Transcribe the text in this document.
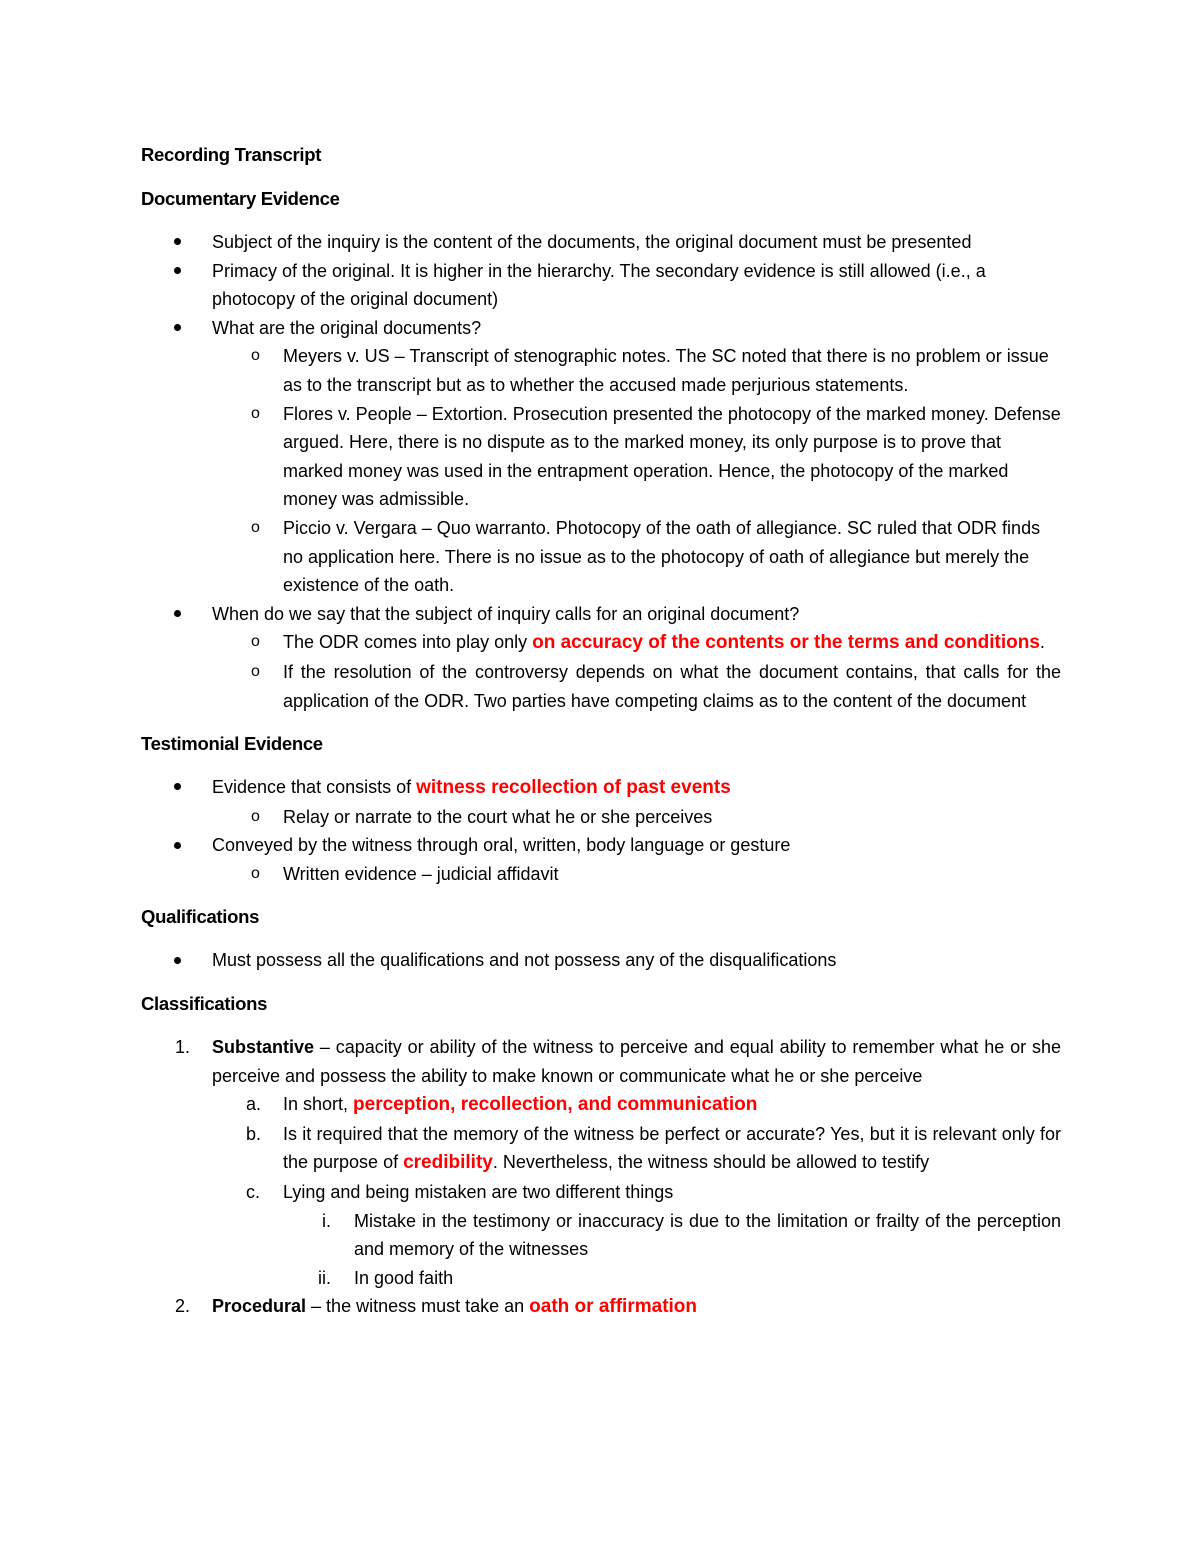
Recording Transcript
Documentary Evidence
Subject of the inquiry is the content of the documents, the original document must be presented
Primacy of the original. It is higher in the hierarchy. The secondary evidence is still allowed (i.e., a photocopy of the original document)
What are the original documents?
o Meyers v. US – Transcript of stenographic notes. The SC noted that there is no problem or issue as to the transcript but as to whether the accused made perjurious statements.
o Flores v. People – Extortion. Prosecution presented the photocopy of the marked money. Defense argued. Here, there is no dispute as to the marked money, its only purpose is to prove that marked money was used in the entrapment operation. Hence, the photocopy of the marked money was admissible.
o Piccio v. Vergara – Quo warranto. Photocopy of the oath of allegiance. SC ruled that ODR finds no application here. There is no issue as to the photocopy of oath of allegiance but merely the existence of the oath.
When do we say that the subject of inquiry calls for an original document?
o The ODR comes into play only on accuracy of the contents or the terms and conditions.
o If the resolution of the controversy depends on what the document contains, that calls for the application of the ODR. Two parties have competing claims as to the content of the document
Testimonial Evidence
Evidence that consists of witness recollection of past events
o Relay or narrate to the court what he or she perceives
Conveyed by the witness through oral, written, body language or gesture
o Written evidence – judicial affidavit
Qualifications
Must possess all the qualifications and not possess any of the disqualifications
Classifications
1. Substantive – capacity or ability of the witness to perceive and equal ability to remember what he or she perceive and possess the ability to make known or communicate what he or she perceive
a. In short, perception, recollection, and communication
b. Is it required that the memory of the witness be perfect or accurate? Yes, but it is relevant only for the purpose of credibility. Nevertheless, the witness should be allowed to testify
c. Lying and being mistaken are two different things
i. Mistake in the testimony or inaccuracy is due to the limitation or frailty of the perception and memory of the witnesses
ii. In good faith
2. Procedural – the witness must take an oath or affirmation
